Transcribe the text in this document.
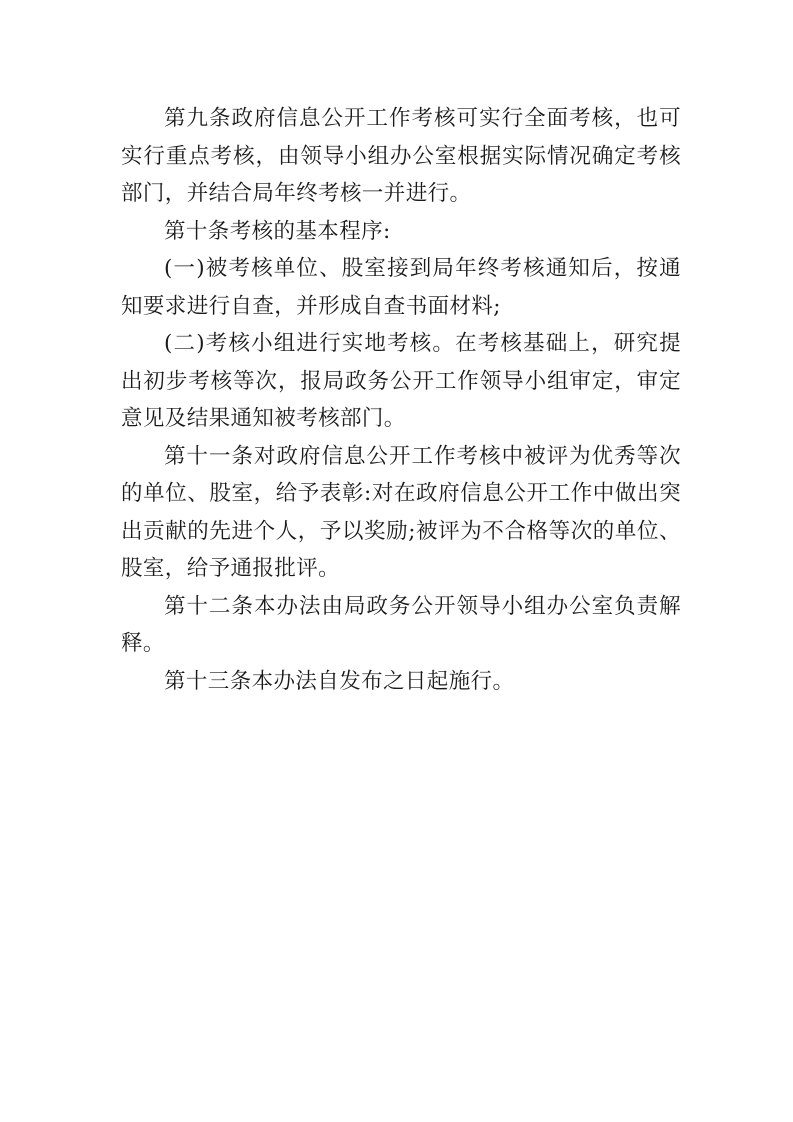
第九条政府信息公开工作考核可实行全面考核，也可实行重点考核，由领导小组办公室根据实际情况确定考核部门，并结合局年终考核一并进行。

第十条考核的基本程序:

(一)被考核单位、股室接到局年终考核通知后，按通知要求进行自查，并形成自查书面材料;

(二)考核小组进行实地考核。在考核基础上，研究提出初步考核等次，报局政务公开工作领导小组审定，审定意见及结果通知被考核部门。

第十一条对政府信息公开工作考核中被评为优秀等次的单位、股室，给予表彰:对在政府信息公开工作中做出突出贡献的先进个人，予以奖励;被评为不合格等次的单位、股室，给予通报批评。

第十二条本办法由局政务公开领导小组办公室负责解释。

第十三条本办法自发布之日起施行。
